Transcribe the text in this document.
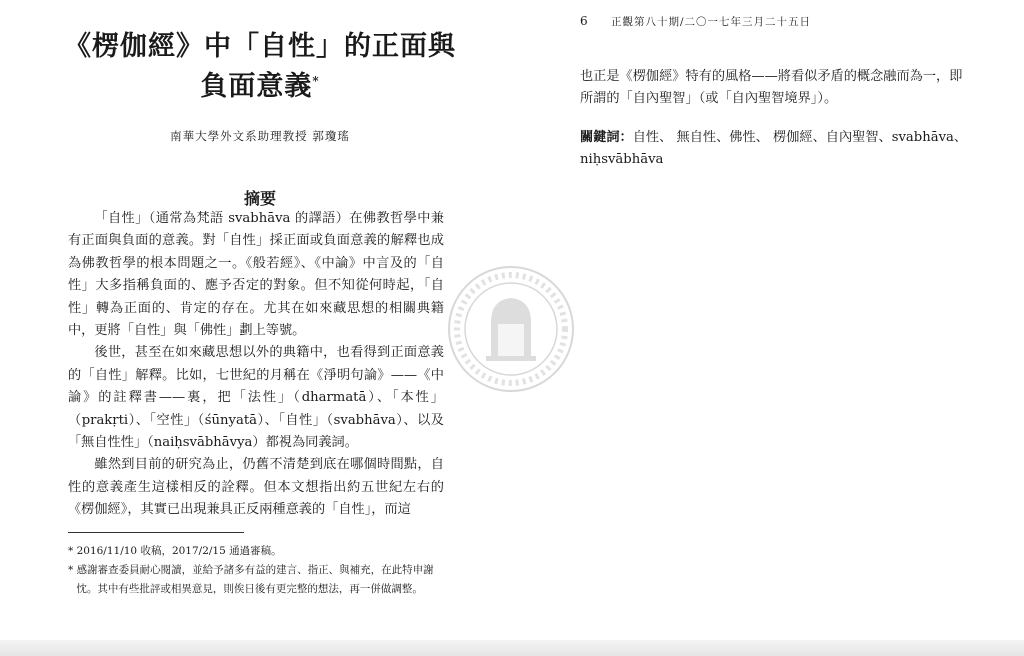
《楞伽經》中「自性」的正面與
負面意義*
南華大學外文系助理教授 郭瓊瑤
摘要

「自性」（通常為梵語 svabhāva 的譯語）在佛教哲學中兼有正面與負面的意義。對「自性」採正面或負面意義的解釋也成為佛教哲學的根本問題之一。《般若經》、《中論》中言及的「自性」大多指稱負面的、應予否定的對象。但不知從何時起，「自性」轉為正面的、肯定的存在。尤其在如來藏思想的相關典籍中，更將「自性」與「佛性」劃上等號。

後世，甚至在如來藏思想以外的典籍中，也看得到正面意義的「自性」解釋。比如，七世紀的月稱在《淨明句論》——《中論》的註釋書——裏，把「法性」（dharmatā）、「本性」（prakṛti）、「空性」（śūnyatā）、「自性」（svabhāva）、以及「無自性性」（naiḥsvābhāvya）都視為同義詞。

雖然到目前的研究為止，仍舊不清楚到底在哪個時間點，自性的意義產生這樣相反的詮釋。但本文想指出約五世紀左右的《楞伽經》，其實已出現兼具正反兩種意義的「自性」，而這

* 2016/11/10 收稿，2017/2/15 通過審稿。

* 感謝審查委員耐心閱讀，並給予諸多有益的建言、指正、與補充，在此特申謝忱。其中有些批評或相異意見，則俟日後有更完整的想法，再一併做調整。

6 正觀第八十期/二〇一七年三月二十五日

也正是《楞伽經》特有的風格——將看似矛盾的概念融而為一，即所謂的「自內聖智」（或「自內聖智境界」）。

關鍵詞：自性、 無自性、佛性、 楞伽經、自內聖智、svabhāva、niḥsvābhāva
